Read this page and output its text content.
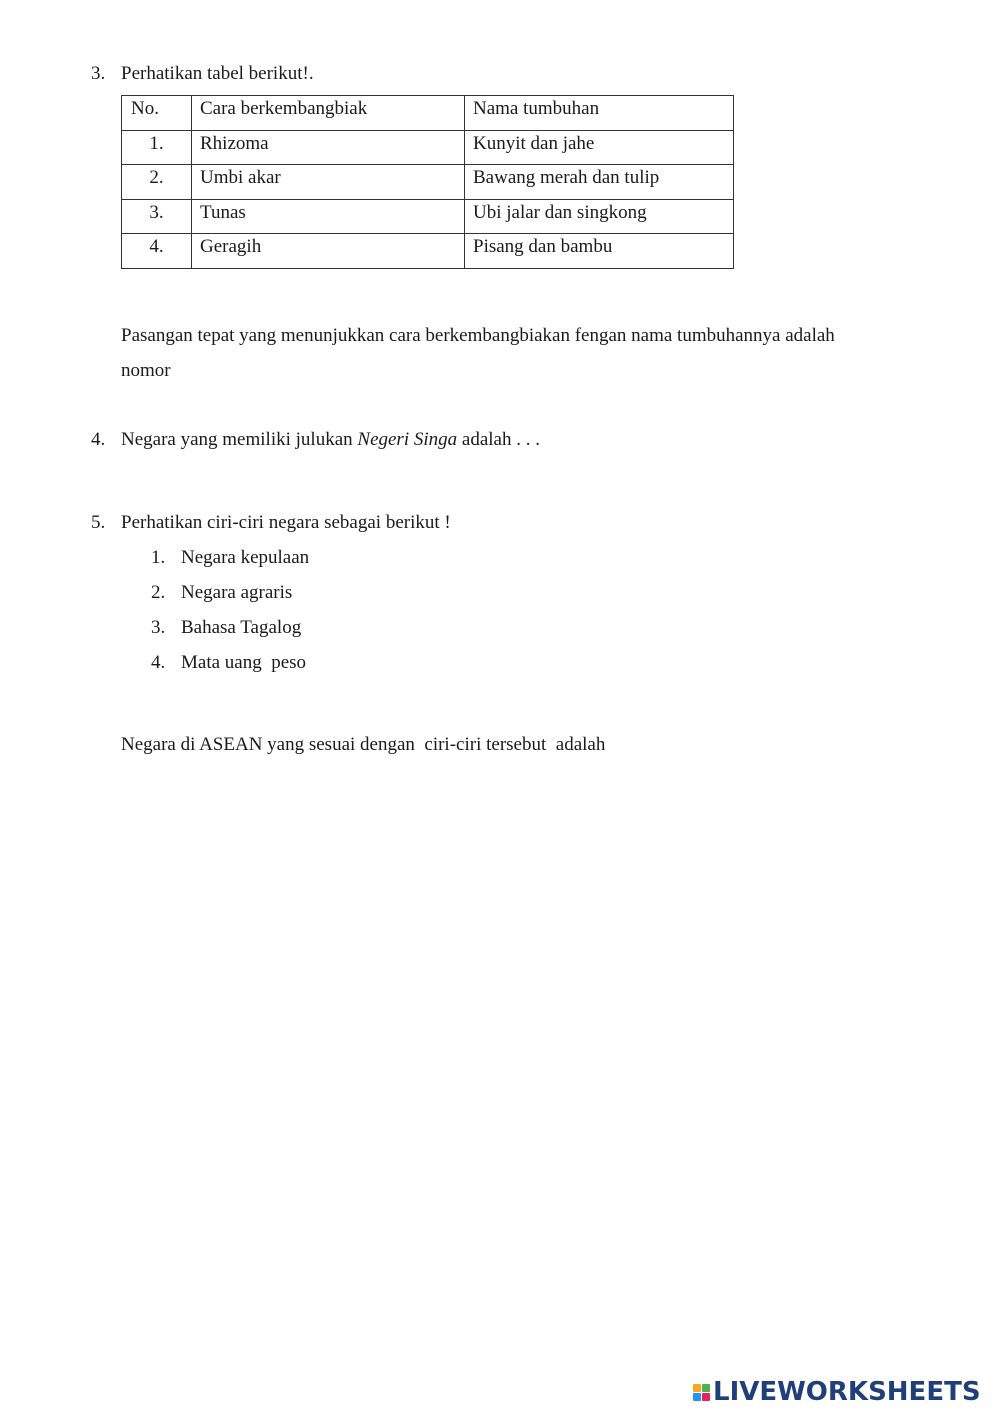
3. Perhatikan tabel berikut!.
No.	Cara berkembangbiak	Nama tumbuhan
1.	Rhizoma	Kunyit dan jahe
2.	Umbi akar	Bawang merah dan tulip
3.	Tunas	Ubi jalar dan singkong
4.	Geragih	Pisang dan bambu
Pasangan tepat yang menunjukkan cara berkembangbiakan fengan nama tumbuhannya adalah
nomor
4. Negara yang memiliki julukan Negeri Singa adalah . . .
5. Perhatikan ciri-ciri negara sebagai berikut !
1. Negara kepulaan
2. Negara agraris
3. Bahasa Tagalog
4. Mata uang  peso
Negara di ASEAN yang sesuai dengan  ciri-ciri tersebut  adalah
LIVEWORKSHEETS
